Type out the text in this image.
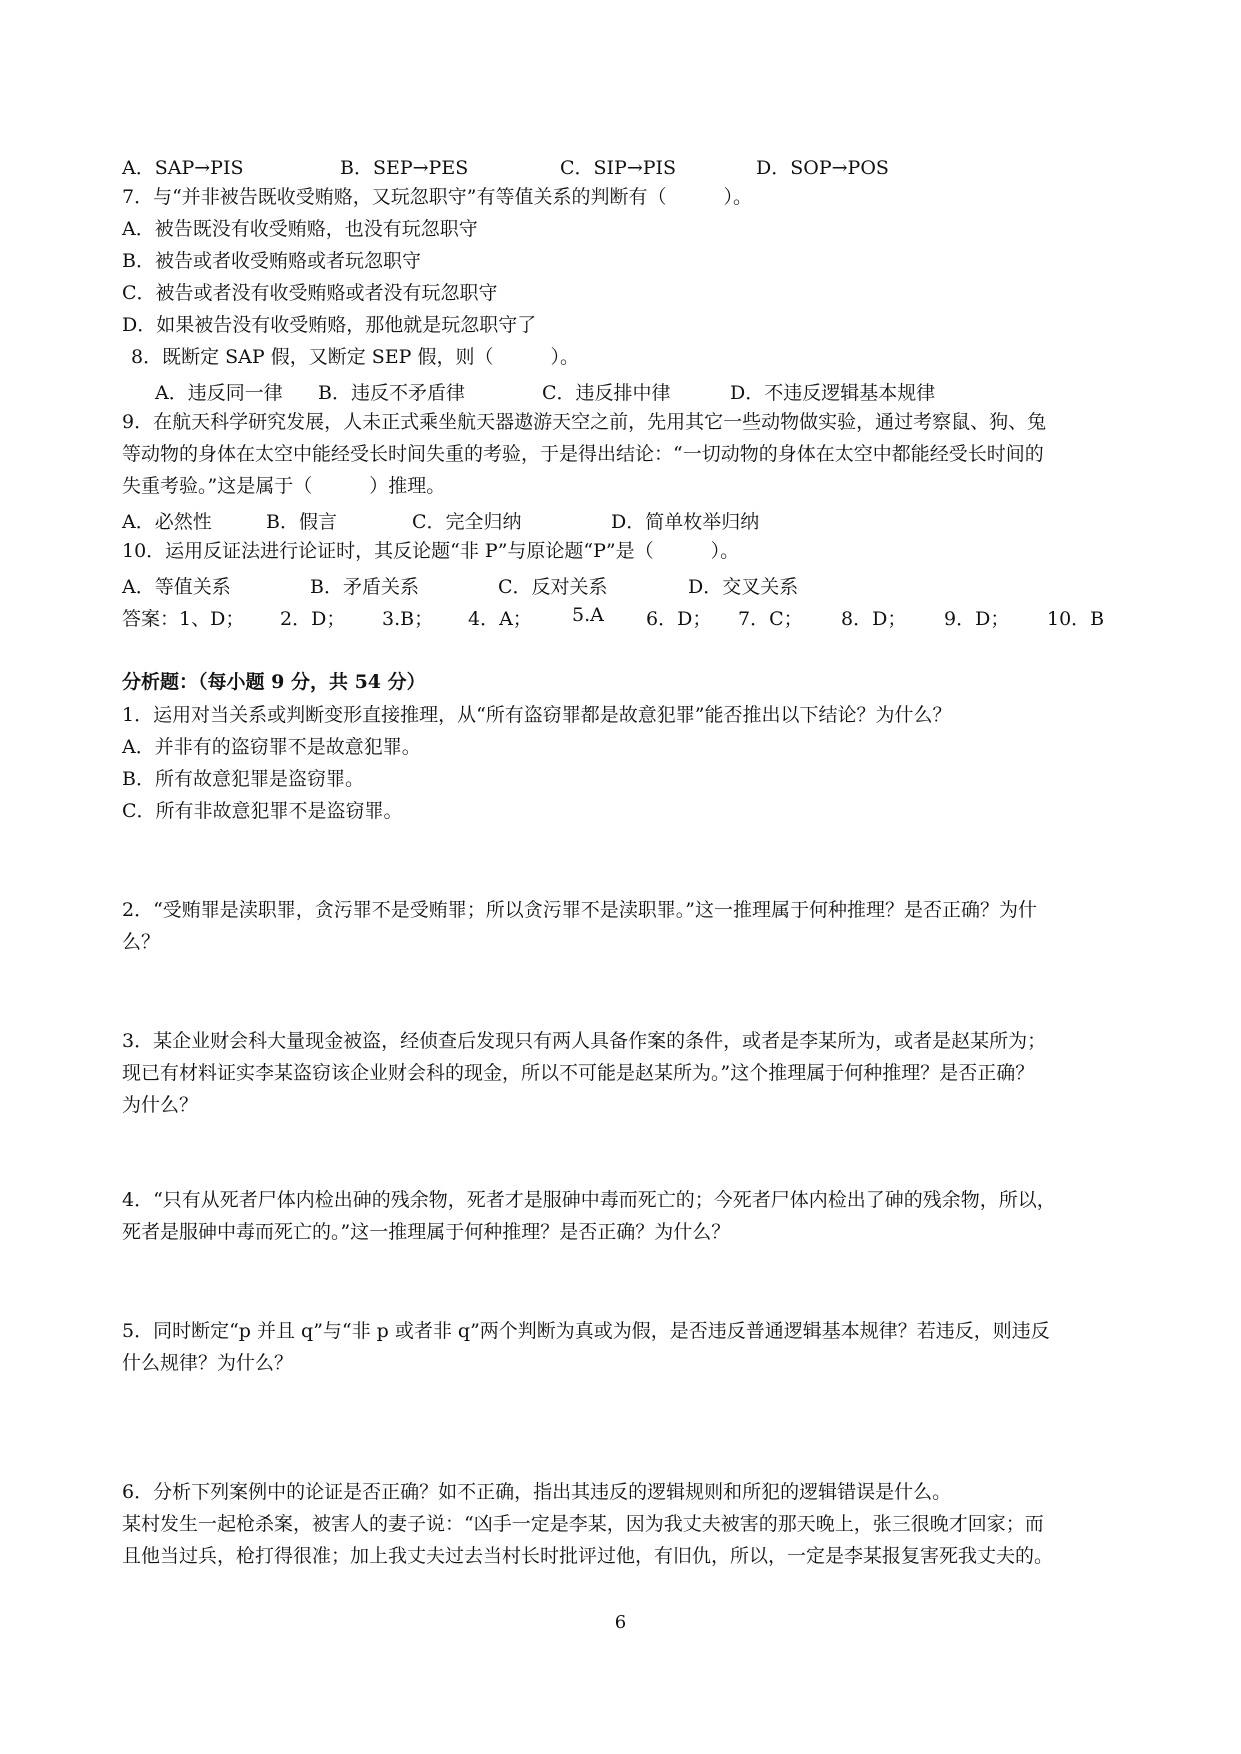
A．SAP→PIS	B．SEP→PES	C．SIP→PIS	D．SOP→POS
7．与“并非被告既收受贿赂，又玩忽职守”有等值关系的判断有（　　　）。
A．被告既没有收受贿赂，也没有玩忽职守
B．被告或者收受贿赂或者玩忽职守
C．被告或者没有收受贿赂或者没有玩忽职守
D．如果被告没有收受贿赂，那他就是玩忽职守了
8．既断定 SAP 假，又断定 SEP 假，则（　　　）。
A．违反同一律 B．违反不矛盾律	C．违反排中律	D．不违反逻辑基本规律
9．在航天科学研究发展，人未正式乘坐航天器遨游天空之前，先用其它一些动物做实验，通过考察鼠、狗、兔
等动物的身体在太空中能经受长时间失重的考验，于是得出结论：“一切动物的身体在太空中都能经受长时间的
失重考验。”这是属于（　　　）推理。
A．必然性	B．假言	C．完全归纳	D．简单枚举归纳
10．运用反证法进行论证时，其反论题“非 P”与原论题“P”是（　　　）。
A．等值关系	B．矛盾关系	C．反对关系	D．交叉关系
答案：1、D； 2．D； 3.B； 4．A； 5.A 6．D； 7．C； 8．D； 9．D； 10．B
分析题：（每小题 9 分，共 54 分）
1．运用对当关系或判断变形直接推理，从“所有盗窃罪都是故意犯罪”能否推出以下结论？为什么？
A．并非有的盗窃罪不是故意犯罪。
B．所有故意犯罪是盗窃罪。
C．所有非故意犯罪不是盗窃罪。
2．“受贿罪是渎职罪，贪污罪不是受贿罪；所以贪污罪不是渎职罪。”这一推理属于何种推理？是否正确？为什
么？
3．某企业财会科大量现金被盗，经侦查后发现只有两人具备作案的条件，或者是李某所为，或者是赵某所为；
现已有材料证实李某盗窃该企业财会科的现金，所以不可能是赵某所为。”这个推理属于何种推理？是否正确？
为什么？
4．“只有从死者尸体内检出砷的残余物，死者才是服砷中毒而死亡的；今死者尸体内检出了砷的残余物，所以，
死者是服砷中毒而死亡的。”这一推理属于何种推理？是否正确？为什么？
5．同时断定“p 并且 q”与“非 p 或者非 q”两个判断为真或为假，是否违反普通逻辑基本规律？若违反，则违反
什么规律？为什么？
6．分析下列案例中的论证是否正确？如不正确，指出其违反的逻辑规则和所犯的逻辑错误是什么。
某村发生一起枪杀案，被害人的妻子说：“凶手一定是李某，因为我丈夫被害的那天晚上，张三很晚才回家；而
且他当过兵，枪打得很准；加上我丈夫过去当村长时批评过他，有旧仇，所以，一定是李某报复害死我丈夫的。
6
